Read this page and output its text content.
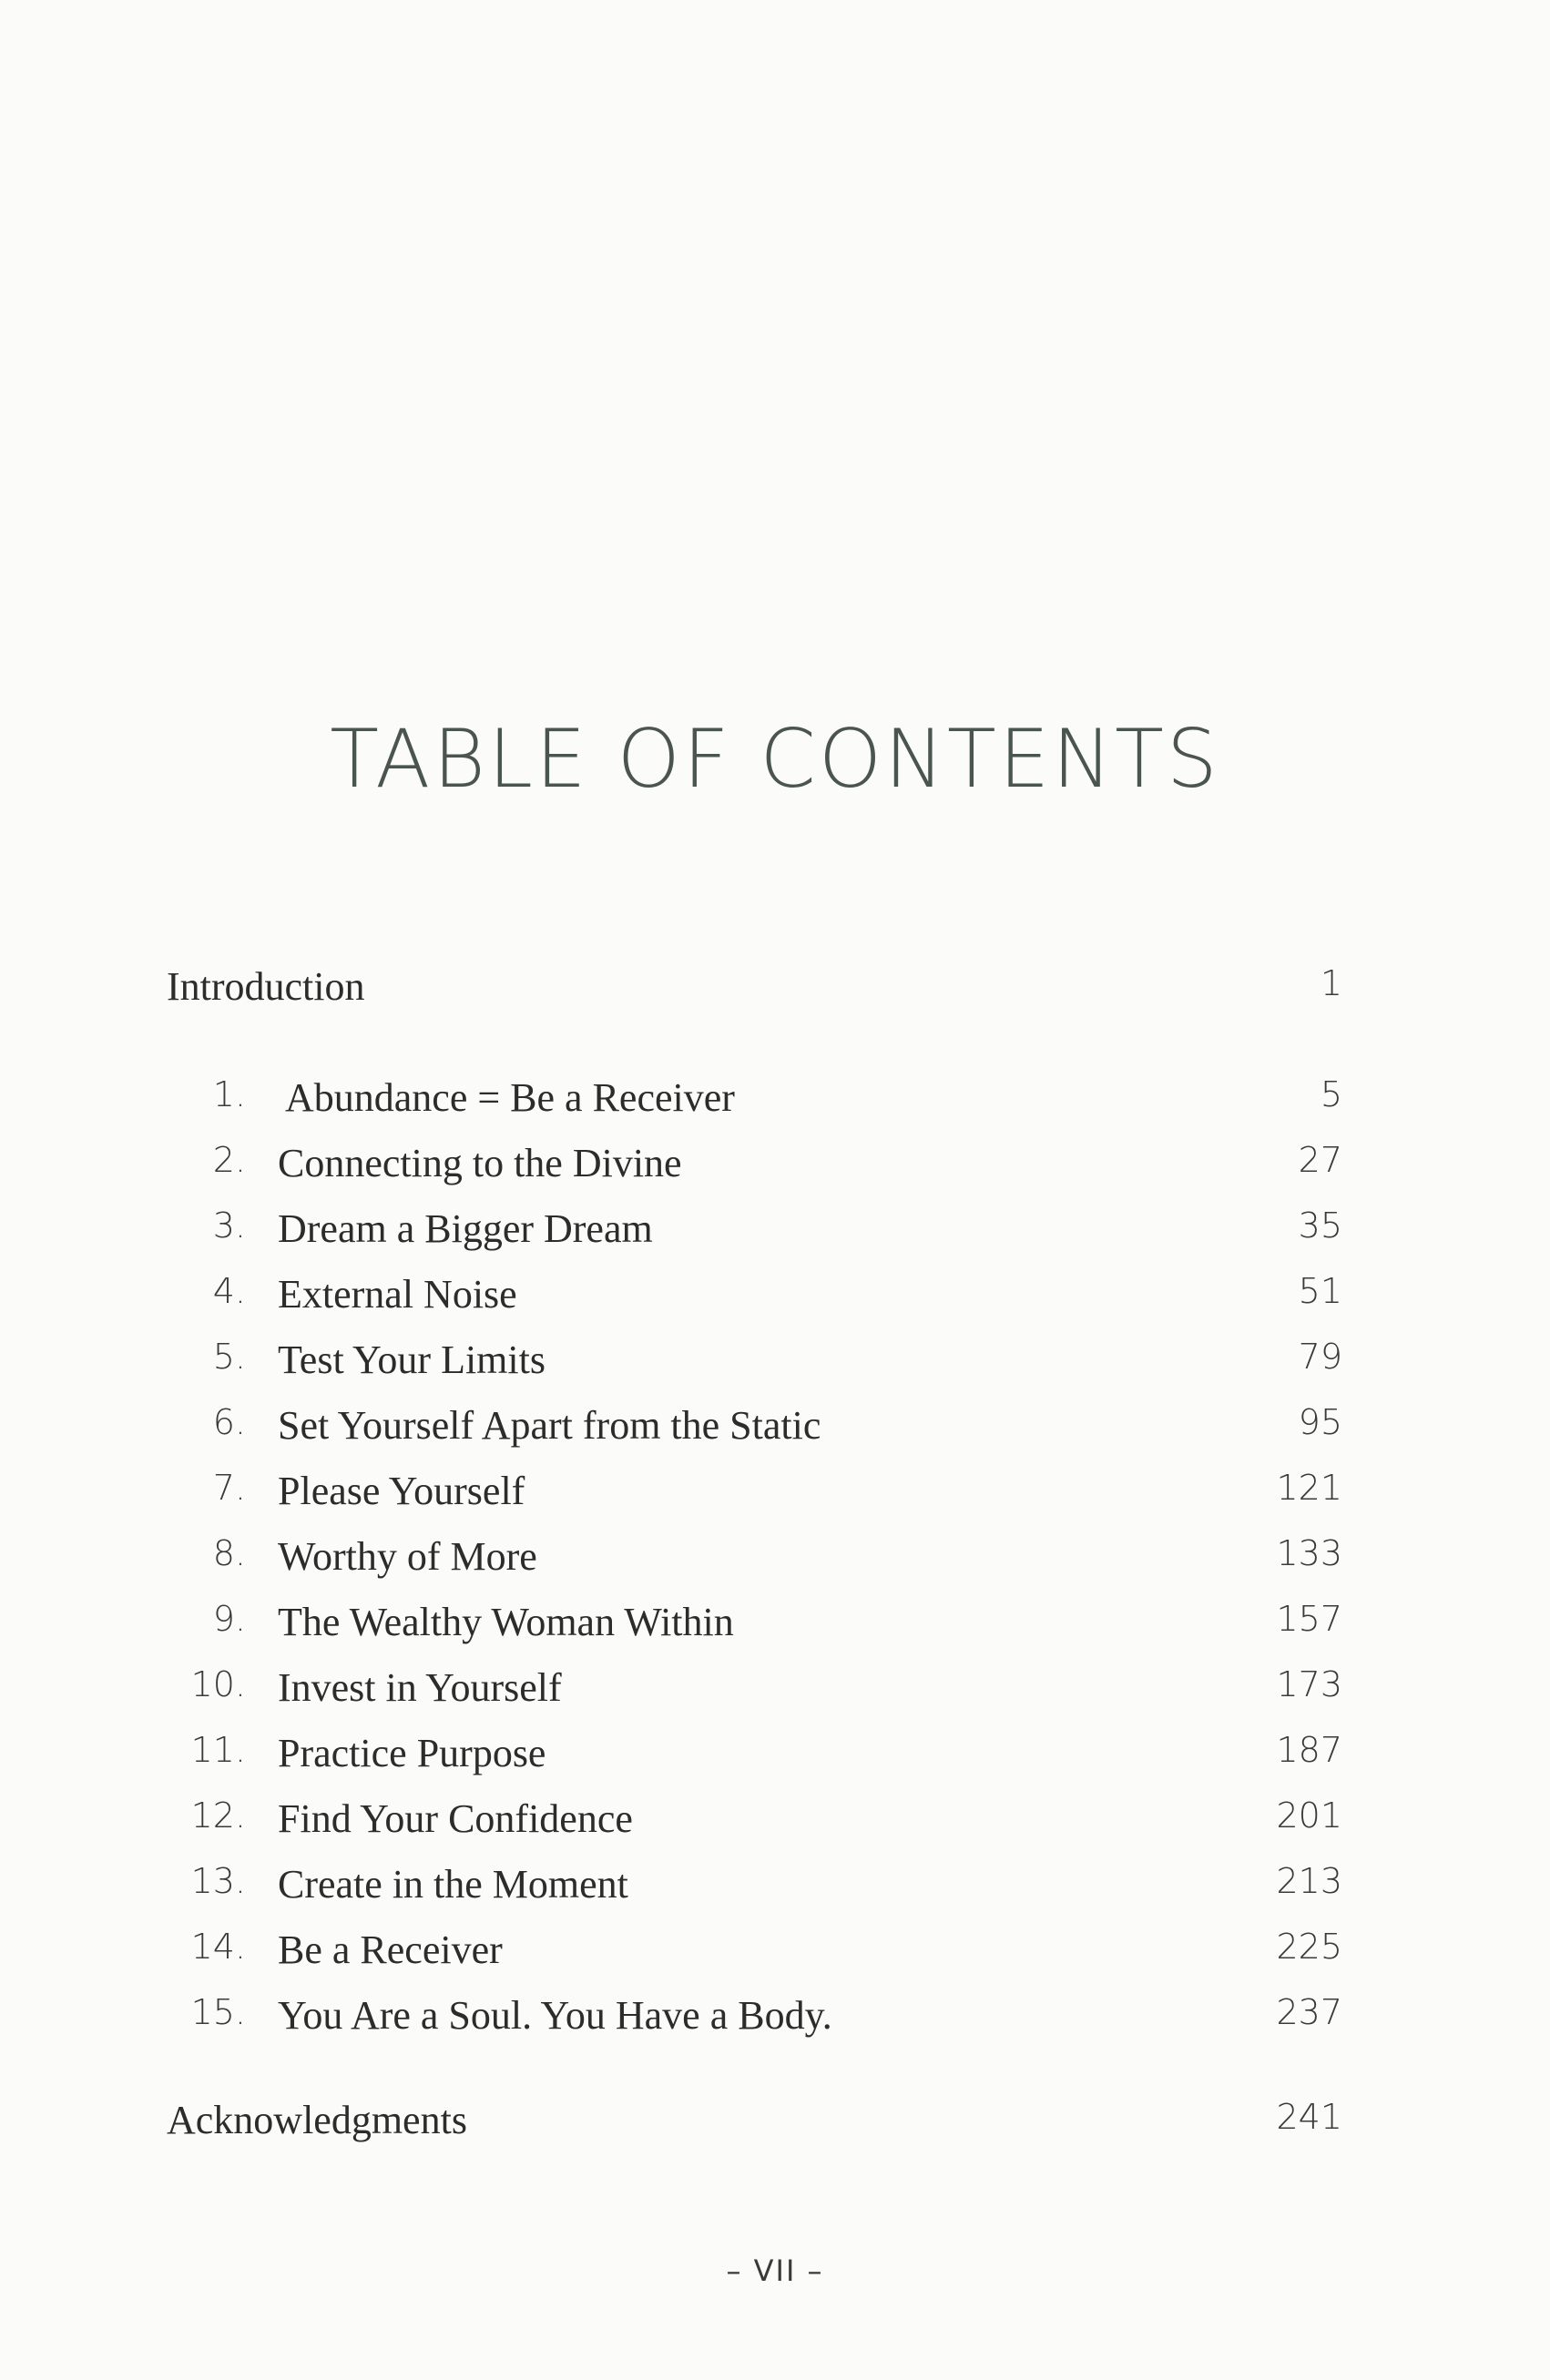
TABLE OF CONTENTS
Introduction	1
1. Abundance = Be a Receiver	5
2. Connecting to the Divine	27
3. Dream a Bigger Dream	35
4. External Noise	51
5. Test Your Limits	79
6. Set Yourself Apart from the Static	95
7. Please Yourself	121
8. Worthy of More	133
9. The Wealthy Woman Within	157
10. Invest in Yourself	173
11. Practice Purpose	187
12. Find Your Confidence	201
13. Create in the Moment	213
14. Be a Receiver	225
15. You Are a Soul. You Have a Body.	237
Acknowledgments	241
– VII –
